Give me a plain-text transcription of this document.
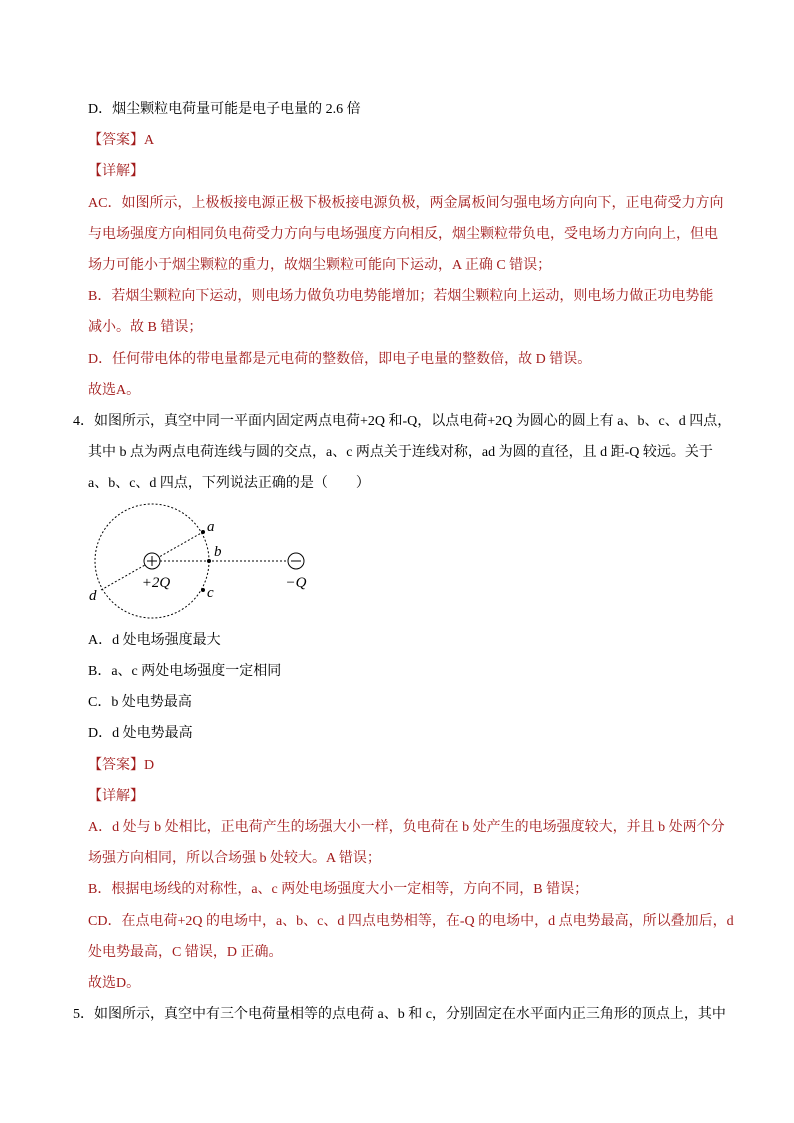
D．烟尘颗粒电荷量可能是电子电量的 2.6 倍
【答案】A
【详解】
AC．如图所示，上极板接电源正极下极板接电源负极，两金属板间匀强电场方向向下，正电荷受力方向
与电场强度方向相同负电荷受力方向与电场强度方向相反，烟尘颗粒带负电，受电场力方向向上，但电
场力可能小于烟尘颗粒的重力，故烟尘颗粒可能向下运动，A 正确 C 错误；
B．若烟尘颗粒向下运动，则电场力做负功电势能增加；若烟尘颗粒向上运动，则电场力做正功电势能
减小。故 B 错误；
D．任何带电体的带电量都是元电荷的整数倍，即电子电量的整数倍，故 D 错误。
故选A。
4．如图所示，真空中同一平面内固定两点电荷+2Q 和-Q，以点电荷+2Q 为圆心的圆上有 a、b、c、d 四点，
其中 b 点为两点电荷连线与圆的交点，a、c 两点关于连线对称，ad 为圆的直径，且 d 距-Q 较远。关于
a、b、c、d 四点，下列说法正确的是（　　）
a
b
c
d
+2Q	−Q
A．d 处电场强度最大
B．a、c 两处电场强度一定相同
C．b 处电势最高
D．d 处电势最高
【答案】D
【详解】
A．d 处与 b 处相比，正电荷产生的场强大小一样，负电荷在 b 处产生的电场强度较大，并且 b 处两个分
场强方向相同，所以合场强 b 处较大。A 错误；
B．根据电场线的对称性，a、c 两处电场强度大小一定相等，方向不同，B 错误；
CD．在点电荷+2Q 的电场中，a、b、c、d 四点电势相等，在-Q 的电场中，d 点电势最高，所以叠加后，d
处电势最高，C 错误，D 正确。
故选D。
5．如图所示，真空中有三个电荷量相等的点电荷 a、b 和 c，分别固定在水平面内正三角形的顶点上，其中
